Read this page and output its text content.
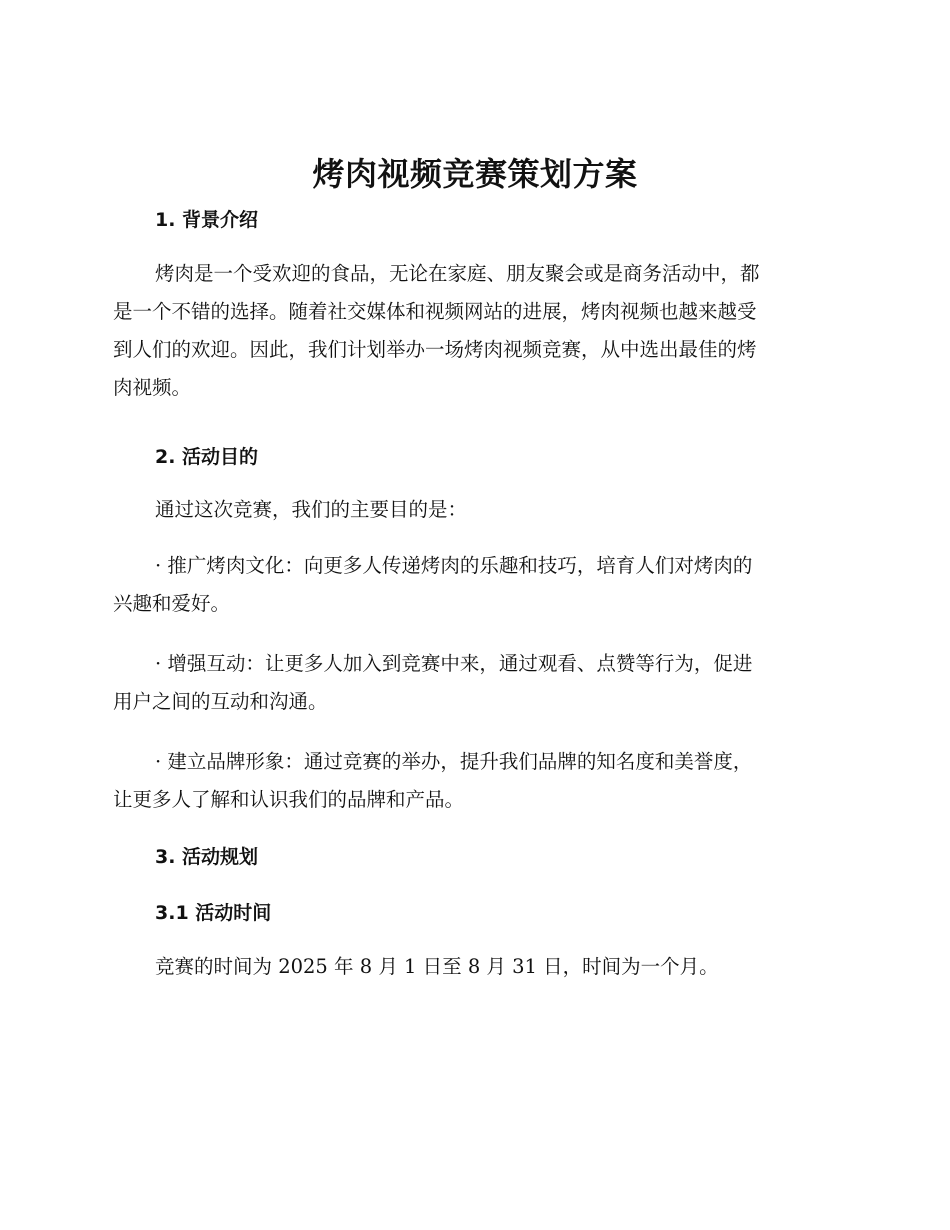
烤肉视频竞赛策划方案
1. 背景介绍
烤肉是一个受欢迎的食品，无论在家庭、朋友聚会或是商务活动中，都
是一个不错的选择。随着社交媒体和视频网站的进展，烤肉视频也越来越受
到人们的欢迎。因此，我们计划举办一场烤肉视频竞赛，从中选出最佳的烤
肉视频。
2. 活动目的
通过这次竞赛，我们的主要目的是：
· 推广烤肉文化：向更多人传递烤肉的乐趣和技巧，培育人们对烤肉的
兴趣和爱好。
· 增强互动：让更多人加入到竞赛中来，通过观看、点赞等行为，促进
用户之间的互动和沟通。
· 建立品牌形象：通过竞赛的举办，提升我们品牌的知名度和美誉度，
让更多人了解和认识我们的品牌和产品。
3. 活动规划
3.1 活动时间
竞赛的时间为 2025 年 8 月 1 日至 8 月 31 日，时间为一个月。
